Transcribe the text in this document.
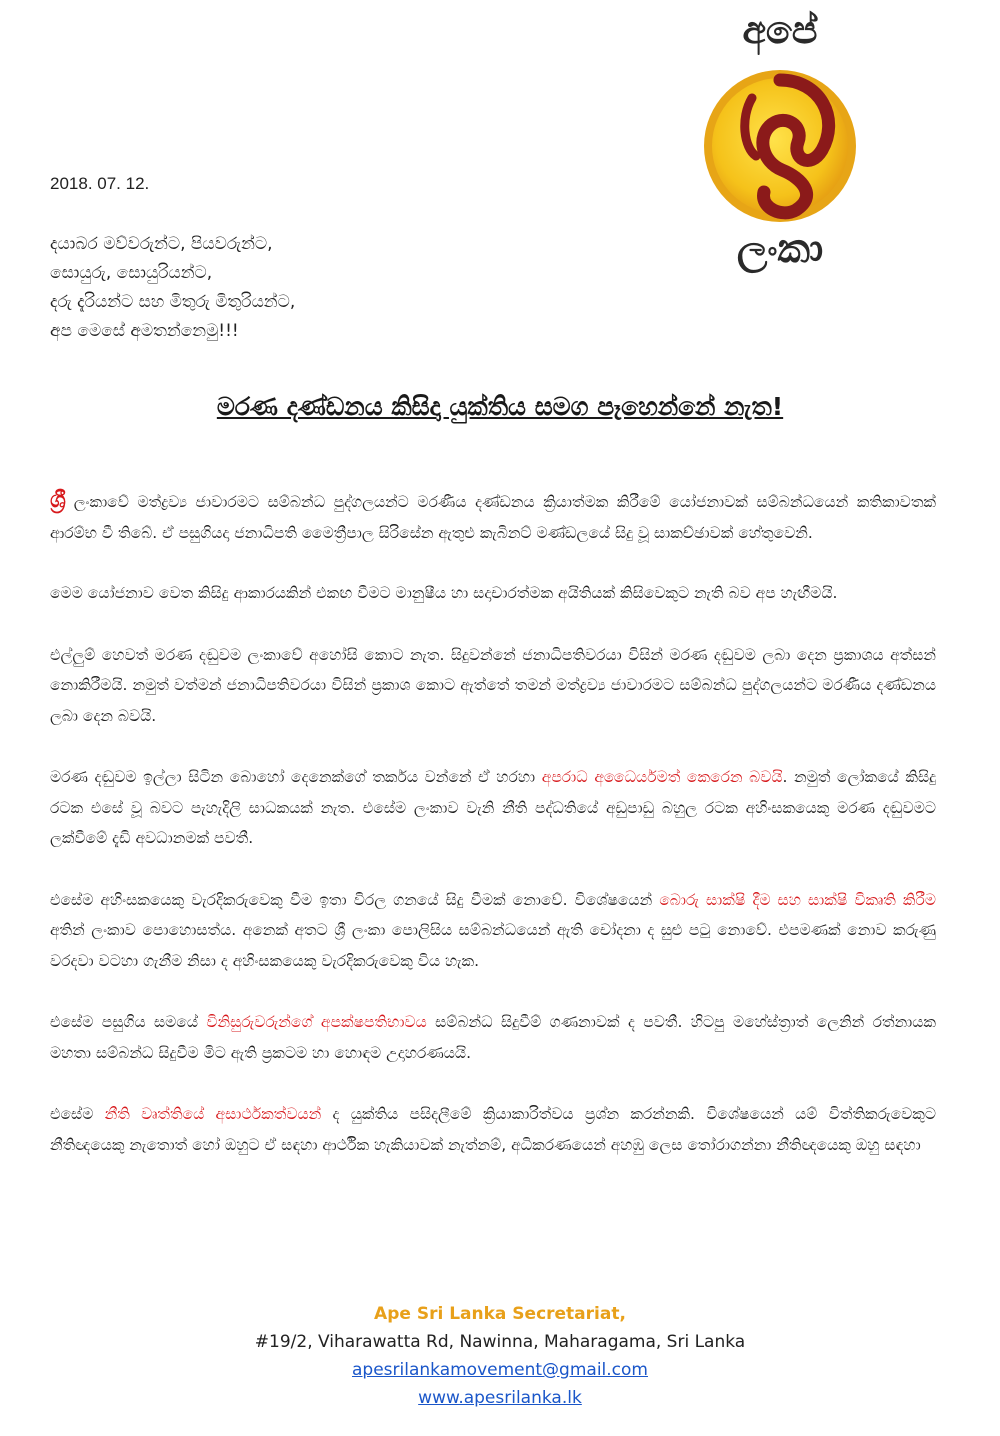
අපේ
ලංකා
2018. 07. 12.
දයාබර මව්වරුන්ට, පියවරුන්ට,
සොයුරු, සොයුරියන්ට,
දරු දැරියන්ට සහ මිතුරු මිතුරියන්ට,
අප මෙසේ අමතන්නෙමු!!!
මරණ දණ්ඩනය කිසිදා යුක්තිය සමග පෑහෙන්නේ නැත!

ශ්‍රී ලංකාවේ මත්ද්‍රව්‍ය ජාවාරමට සම්බන්ධ පුද්ගලයන්ට මරණීය දණ්ඩනය ක්‍රියාත්මක කිරීමේ යෝජනාවක් සම්බන්ධයෙන් කතිකාවතක් ආරම්භ වී තිබේ. ඒ පසුගියදා ජනාධිපති මෛත්‍රීපාල සිරිසේන ඇතුළු කැබිනට් මණ්ඩලයේ සිදු වූ සාකච්ඡාවක් හේතුවෙනි.

මෙම යෝජනාව වෙත කිසිදු ආකාරයකින් එකඟ වීමට මානුෂීය හා සදාචාරත්මක අයිතියක් කිසිවෙකුට නැති බව අප හැඟීමයි.

එල්ලුම් හෙවත් මරණ දඬුවම ලංකාවේ අහෝසි කොට නැත. සිදුවන්නේ ජනාධිපතිවරයා විසින් මරණ දඬුවම ලබා දෙන ප්‍රකාශය අත්සන් නොකිරීමයි. නමුත් වත්මන් ජනාධිපතිවරයා විසින් ප්‍රකාශ කොට ඇත්තේ තමන් මත්ද්‍රව්‍ය ජාවාරමට සම්බන්ධ පුද්ගලයන්ට මරණීය දණ්ඩනය ලබා දෙන බවයි.

මරණ දඬුවම ඉල්ලා සිටින බොහෝ දෙනෙක්ගේ තර්කය වන්නේ ඒ හරහා අපරාධ අධෛර්යමත් කෙරෙන බවයි. නමුත් ලෝකයේ කිසිදු රටක එසේ වූ බවට පැහැදිලි සාධකයක් නැත. එසේම ලංකාව වැනි නීති පද්ධතියේ අඩුපාඩු බහුල රටක අහිංසකයෙකු මරණ දඬුවමට ලක්වීමේ දැඩි අවධානමක් පවතී.

එසේම අහිංසකයෙකු වැරදිකරුවෙකු වීම ඉතා විරල ගනයේ සිදු වීමක් නොවේ. විශේෂයෙන් බොරු සාක්ෂි දීම සහ සාක්ෂි විකෘති කිරීම අතින් ලංකාව පොහොසත්ය. අනෙක් අතට ශ්‍රී ලංකා පොලිසිය සම්බන්ධයෙන් ඇති චෝදනා ද සුළු පටු නොවේ. එපමණක් නොව කරුණු වරදවා වටහා ගැනීම නිසා ද අහිංසකයෙකු වැරදිකරුවෙකු විය හැක.

එසේම පසුගිය සමයේ විනිසුරුවරුන්ගේ අපක්ෂපතිභාවය සම්බන්ධ සිදුවීම් ගණනාවක් ද පවතී. හිටපු මහේස්ත්‍රාත් ලෙනින් රත්නායක මහතා සම්බන්ධ සිදුවීම මිට ඇති ප්‍රකටම හා හොඳම උදාහරණයයි.

එසේම නීති වෘත්තියේ අසාර්ථකත්වයන් ද යුක්තිය පසිදලීමේ ක්‍රියාකාරිත්වය ප්‍රශ්න කරන්නකි. විශේෂයෙන් යම් විත්තිකරුවෙකුට නීතිඥයෙකු නැතොත් හෝ ඔහුට ඒ සඳහා ආර්ථික හැකියාවක් නැත්නම්, අධිකරණයෙන් අහඹු ලෙස තෝරාගන්නා නීතිඥයෙකු ඔහු සඳහා

Ape Sri Lanka Secretariat,
#19/2, Viharawatta Rd, Nawinna, Maharagama, Sri Lanka
apesrilankamovement@gmail.com
www.apesrilanka.lk
